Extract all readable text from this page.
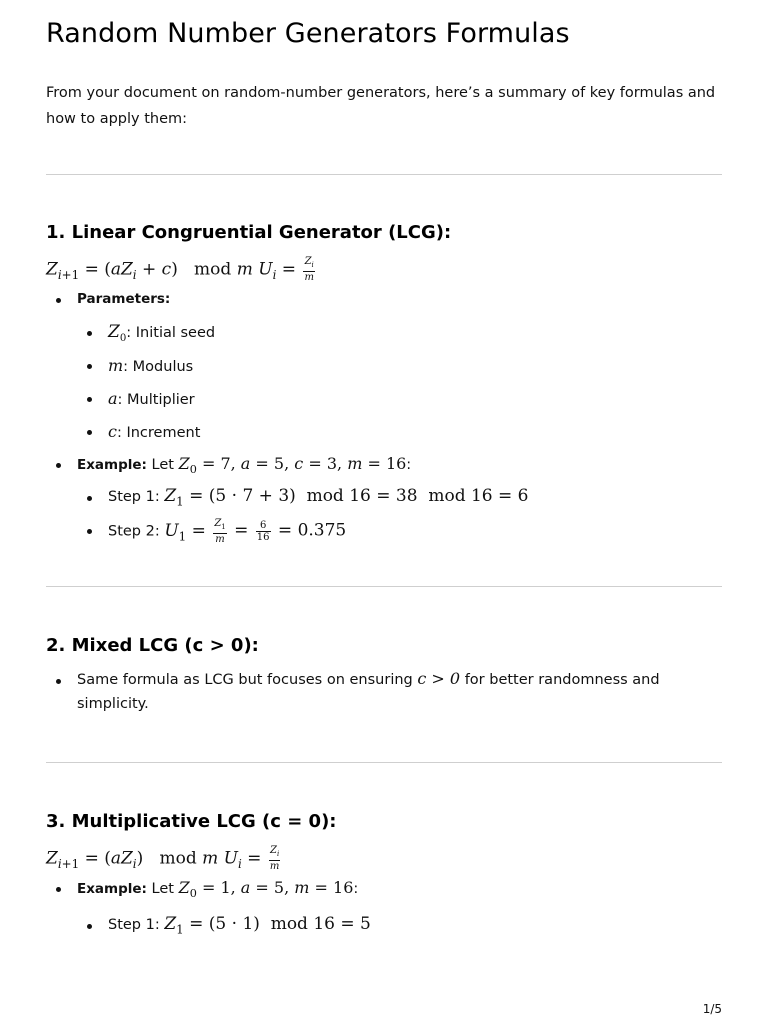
Random Number Generators Formulas

From your document on random-number generators, here’s a summary of key formulas and how to apply them:

1. Linear Congruential Generator (LCG):
$Z_{i+1} = (aZ_i + c)$   mod m $U_i = \frac{Z_i}{m}$
Parameters:
$Z_0$: Initial seed
m: Modulus
a: Multiplier
c: Increment
Example: Let $Z_0 = 7$, a = 5, c = 3, m = 16:
Step 1: $Z_1 = (5 \cdot 7 + 3)$  mod 16 = 38  mod 16 = 6
Step 2: $U_1 = \frac{Z_1}{m} = \frac{6}{16} = 0.375$
2. Mixed LCG (c > 0):
Same formula as LCG but focuses on ensuring c > 0 for better randomness and
simplicity.
3. Multiplicative LCG (c = 0):
$Z_{i+1} = (aZ_i)$   mod m $U_i = \frac{Z_i}{m}$
Example: Let $Z_0 = 1$, a = 5, m = 16:
Step 1: $Z_1 = (5 \cdot 1)$  mod 16 = 5
1/5
